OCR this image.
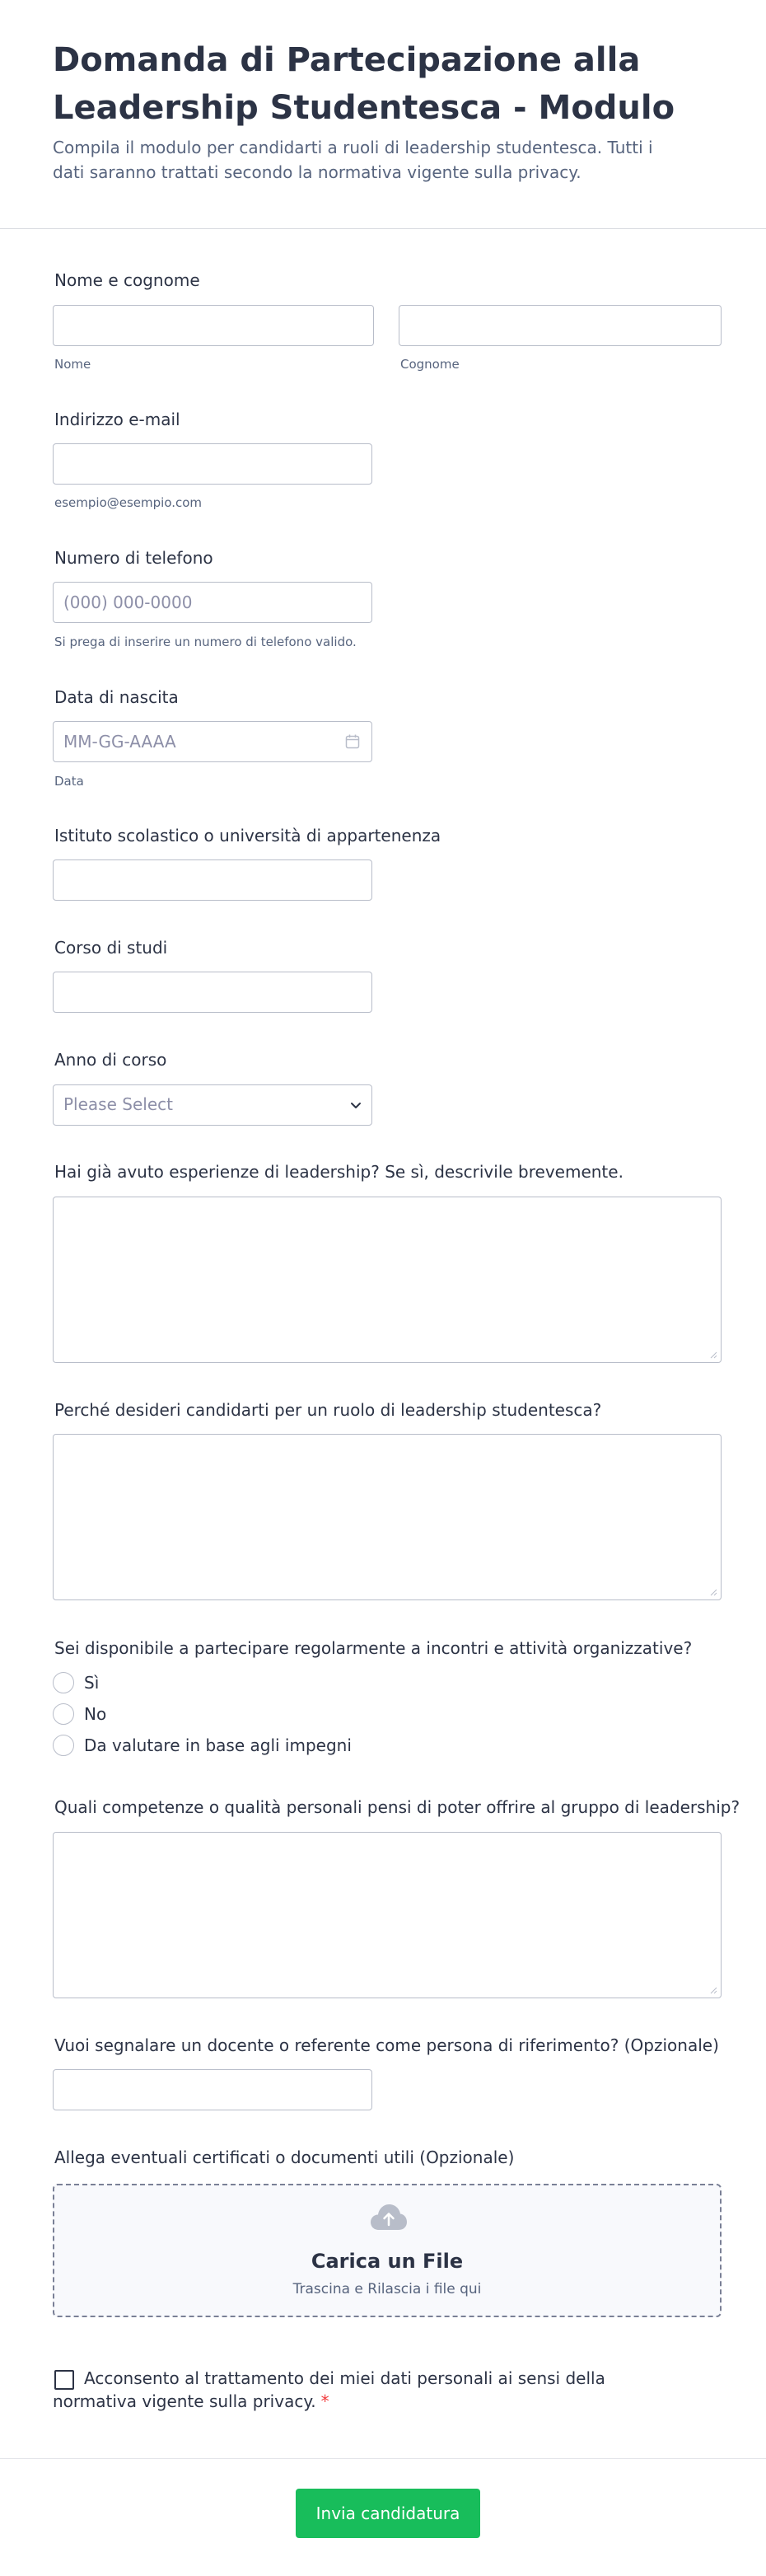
Domanda di Partecipazione alla Leadership Studentesca - Modulo

Compila il modulo per candidarti a ruoli di leadership studentesca. Tutti i dati saranno trattati secondo la normativa vigente sulla privacy.

Nome e cognome
Nome	Cognome
Indirizzo e-mail
esempio@esempio.com
Numero di telefono
(000) 000-0000
Si prega di inserire un numero di telefono valido.
Data di nascita
MM-GG-AAAA
Data
Istituto scolastico o università di appartenenza
Corso di studi
Anno di corso
Please Select
Hai già avuto esperienze di leadership? Se sì, descrivile brevemente.
Perché desideri candidarti per un ruolo di leadership studentesca?
Sei disponibile a partecipare regolarmente a incontri e attività organizzative?
Sì
No
Da valutare in base agli impegni
Quali competenze o qualità personali pensi di poter offrire al gruppo di leadership?
Vuoi segnalare un docente o referente come persona di riferimento? (Opzionale)
Allega eventuali certificati o documenti utili (Opzionale)
Carica un File
Trascina e Rilascia i file qui
Acconsento al trattamento dei miei dati personali ai sensi della normativa vigente sulla privacy. *
Invia candidatura
